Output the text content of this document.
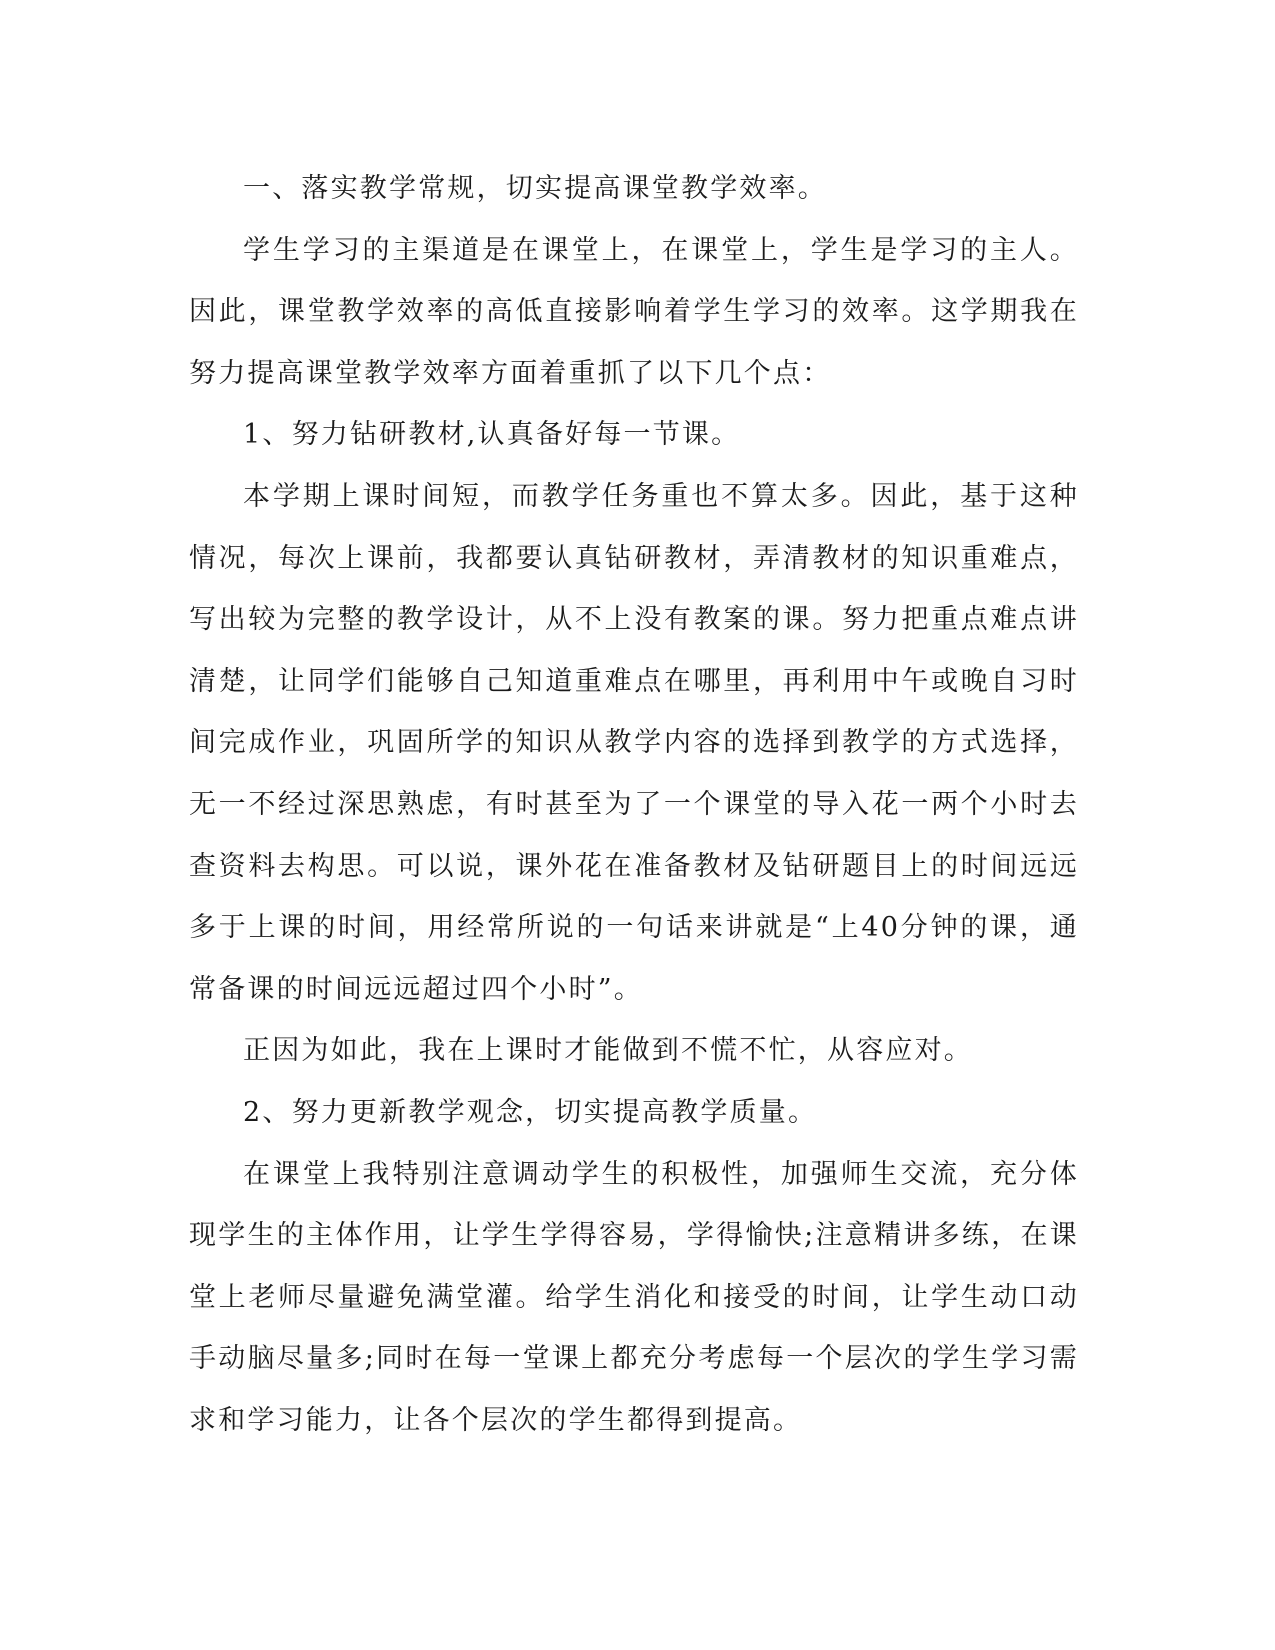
一、落实教学常规，切实提高课堂教学效率。

学生学习的主渠道是在课堂上，在课堂上，学生是学习的主人。因此，课堂教学效率的高低直接影响着学生学习的效率。这学期我在努力提高课堂教学效率方面着重抓了以下几个点：

1、努力钻研教材,认真备好每一节课。

本学期上课时间短，而教学任务重也不算太多。因此，基于这种情况，每次上课前，我都要认真钻研教材，弄清教材的知识重难点，写出较为完整的教学设计，从不上没有教案的课。努力把重点难点讲清楚，让同学们能够自己知道重难点在哪里，再利用中午或晚自习时间完成作业，巩固所学的知识从教学内容的选择到教学的方式选择，无一不经过深思熟虑，有时甚至为了一个课堂的导入花一两个小时去查资料去构思。可以说，课外花在准备教材及钻研题目上的时间远远多于上课的时间，用经常所说的一句话来讲就是“上40分钟的课，通常备课的时间远远超过四个小时”。

正因为如此，我在上课时才能做到不慌不忙，从容应对。

2、努力更新教学观念，切实提高教学质量。

在课堂上我特别注意调动学生的积极性，加强师生交流，充分体现学生的主体作用，让学生学得容易，学得愉快;注意精讲多练，在课堂上老师尽量避免满堂灌。给学生消化和接受的时间，让学生动口动手动脑尽量多;同时在每一堂课上都充分考虑每一个层次的学生学习需求和学习能力，让各个层次的学生都得到提高。
